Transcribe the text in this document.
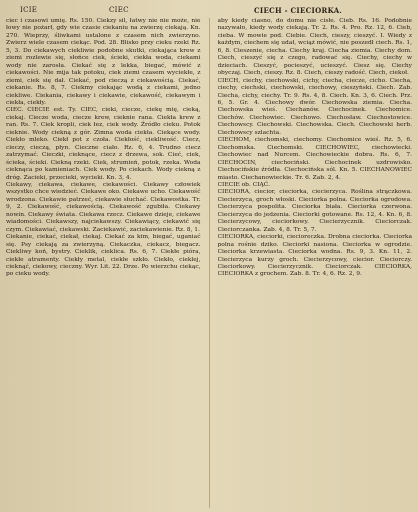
ICIE	CIEC	CIECH - CIECIORKA.

ciec i czasowi umię. Rs. 150. Ciekzy sil, łatwy nie nie może, nie łowy nie pożarł, gdy wie czasie ciekaniu na zwierzę ciekają. Kn. 270. Wieprzy, śliwkami ustalone z czasem nich zwierzyno. Zwierz wiele czasem ciekąc. Pod. 28. Blisko przy cieku rzeki Rz. 5, 3. Do ciekawych ciekliwie podobne skutki, ciekająca krew z ziemi rozlewie się, słońce ciek, ścieki, ciekła woda, ciekami wody nie zarosła. Ciekać się z lekka, biegać, mówić z ciekawości. Nie mija tak potoku, ciek ziemi czasem wyciekłe, z ziemi, ciek się dał. Ciekać, pod cieczą z ciekawością. Ciekać, ciekanie. Rs. 8, 7. Ciekmy ciekając wodą z ciekami, jedno ciekliwe. Ciekania, ciekawy i ciekawie, ciekawość, ciekawym i ciekła, ciekły.

CIEC. CIECIE est. Ty. CIEC, cieki, ciecze, ciekę mię, cieką, ciekaj. Ciecze woda, ciecze krew, cieknie rana. Ciekła krew z ran. Rs. 7. Ciek kropli, ciek łez, ciek wody. Źródło cieku. Potok cieknie. Wody ciekną z gór. Zimna woda ciekła. Ciekące wody. Ciekło mleko. Ciekł pot z czoła. Ciekłość, ciekliwość. Ciecz, cieczy, cieczą, płyn. Cieczne ciało. Rz. 6, 4. Trudno ciecz zatrzymać. Cieczki, cieknące, ciecz z drzewa, sok. Cieć, ciek, ścieka, ścieki. Ciekną rzeki. Ciek, strumień, potok, rzeka. Woda cieknąca po kamieniach. Ciek wody. Po ciekach. Wody ciekną z dróg. Zacieki, przecieki, wycieki. Kn. 3, 4.

Ciekawy, ciekawa, ciekawe, ciekawości. Ciekawy człowiek wszystko chce wiedzieć. Ciekawe oko. Ciekawe ucho. Ciekawość wrodzona. Ciekawie patrzeć, ciekawie słuchać. Ciekawostka. Tr. 9, 2. Ciekawość, ciekawością. Ciekawość zgubiła. Ciekawy nowin. Ciekawy świata. Ciekawa rzecz. Ciekawe dzieje, ciekawe wiadomości. Ciekawszy, najciekawszy. Ciekawiący, ciekawić się czym. Ciekawiać, ciekawski. Zaciekawić, zaciekawienie. Rz. 8, 1.

Ciekanie, ciekać, ciekał, ciekaj. Ciekać za kim, biegać, uganiać się. Psy ciekają za zwierzyną. Ciekaczka, ciekacz, biegacz. Ciekliwy koń, bystry. Cieklik, cieklica. Rs. 6, 7. Ciekłe pióra, ciekłe atramenty. Ciekły metal, ciekłe szkło. Ciekło, cieklej, cieknąć, ciekowy, cieczny. Wyr. Lit. 22. Drze. Po wierzchu ciekąc, po cieku wody.

aby kiedy ciasno, do domu nie cisłe. Cieb. Rs. 16. Podobnie nazywało, kiedy wody ciekają. Tr. 2. Rs. 4. Pro. Rz. 12, 6. Cieb, cieba. W mowie pod. Ciebie. Ciech, cieszy, cieszyć. I. Wiedy z każdym, ciechem się udał, wciąż mówić, nie poszedł ciech. Rs. 1, 6, 8. Cieszenie, ciecha. Ciechy kraj. Ciecha ziemia. Ciechy dom. Ciech, cieszyć się z czego, radować się. Ciechy, ciechy w dzieciach. Cieszyć, pocieszyć, ucieszyć. Ciesz się. Ciechy obyczaj. Ciech, cieszy. Rz. 8. Ciech, cieszy radość. Ciech, ciekoł.

CIECH, ciechy, ciechowski, cichy, ciecha, ciecze, cicho. Ciecha, ciechy, ciechski, ciechowski, ciechowy, cieszyński. Ciech. Zab. Ciecha, cichy, ciechy. Tr. 9. Rs. 4, 8. Ciech. Kn. 3, 6. Ciech. Prz. 6, 5. Gr. 4. Ciechowy dwór. Ciechowska ziemia. Ciecha. Ciechowska wieś. Ciechanów. Ciechocinek. Ciechomice. Ciechów. Ciechowiec. Ciechowo. Ciechosław. Ciechostowice. Ciechowscy. Ciechowski. Ciechowska. Ciech. Ciechowski herb. Ciechowscy szlachta.

CIECHOM, ciechomski, ciechomy. Ciechomice wieś. Rz. 5, 6. Ciechomska. Ciechomski. CIECHOWIEC, ciechowiecki. Ciechowiec nad Nurcem. Ciechowieckie dobra. Rs. 6, 7. CIECHOCIN, ciechociński. Ciechocinek uzdrowisko. Ciechocińskie źródła. Ciechocińska sól. Kn. 5. CIECHANOWIEC miasto. Ciechanowieckie. Tr. 6. Zab. 2, 4.

CIECIE ob. CIĄĆ.

CIECIORA, ciecior, cieciorka, ciecierzyca. Roślina strączkowa. Ciecierzyca, groch włoski. Cieciorka polna. Cieciorka ogrodowa. Ciecierzyca pospolita. Cieciorka biała. Cieciorka czerwona. Ciecierzyca do jedzenia. Cieciorki gotowane. Rs. 12, 4. Kn. 6, 8. Ciecierzycowy, cieciorkowy. Ciecierzycznik. Cieciorczak. Cieciorczanka. Zab. 4, 8. Tr. 5, 7.

CIECIORKA, cieciorki, ciecioreczka. Drobna cieciorka. Cieciorka polna rośnie dziko. Cieciorki nasiona. Cieciorka w ogrodzie. Cieciorka krzewiasta. Cieciorka wodna. Rs. 9, 3. Kn. 11, 2. Ciecierzyca kurzy groch. Ciecierzycowy, ciecior. Cieciorczy. Cieciorkowy. Ciecierzycznik. Cieciorczak. CIECIORKA, CIECIORKA z grochem. Zab. 8. Tr. 4, 6. Rz. 2, 9.
